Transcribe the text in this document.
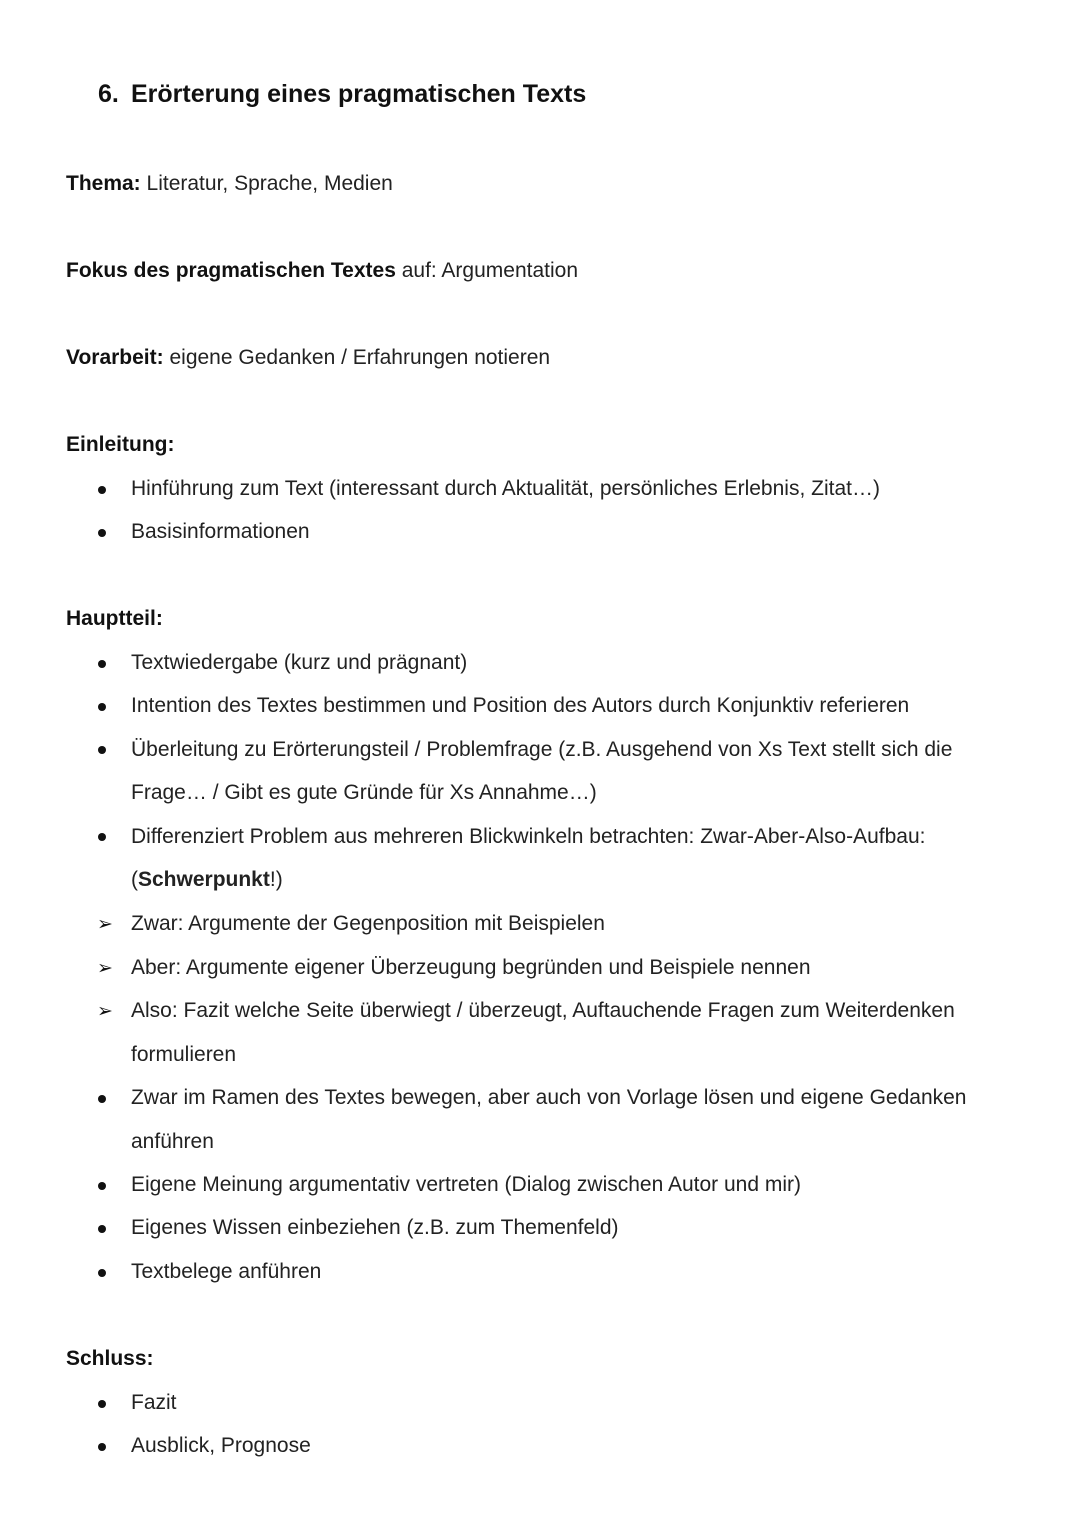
6. Erörterung eines pragmatischen Texts
Thema: Literatur, Sprache, Medien
Fokus des pragmatischen Textes auf: Argumentation
Vorarbeit: eigene Gedanken / Erfahrungen notieren
Einleitung:
Hinführung zum Text (interessant durch Aktualität, persönliches Erlebnis, Zitat…)
Basisinformationen
Hauptteil:
Textwiedergabe (kurz und prägnant)
Intention des Textes bestimmen und Position des Autors durch Konjunktiv referieren
Überleitung zu Erörterungsteil / Problemfrage (z.B. Ausgehend von Xs Text stellt sich die
Frage… / Gibt es gute Gründe für Xs Annahme…)
Differenziert Problem aus mehreren Blickwinkeln betrachten: Zwar-Aber-Also-Aufbau:
(Schwerpunkt!)
➢ Zwar: Argumente der Gegenposition mit Beispielen
➢ Aber: Argumente eigener Überzeugung begründen und Beispiele nennen
➢ Also: Fazit welche Seite überwiegt / überzeugt, Auftauchende Fragen zum Weiterdenken
formulieren
Zwar im Ramen des Textes bewegen, aber auch von Vorlage lösen und eigene Gedanken
anführen
Eigene Meinung argumentativ vertreten (Dialog zwischen Autor und mir)
Eigenes Wissen einbeziehen (z.B. zum Themenfeld)
Textbelege anführen
Schluss:
Fazit
Ausblick, Prognose
